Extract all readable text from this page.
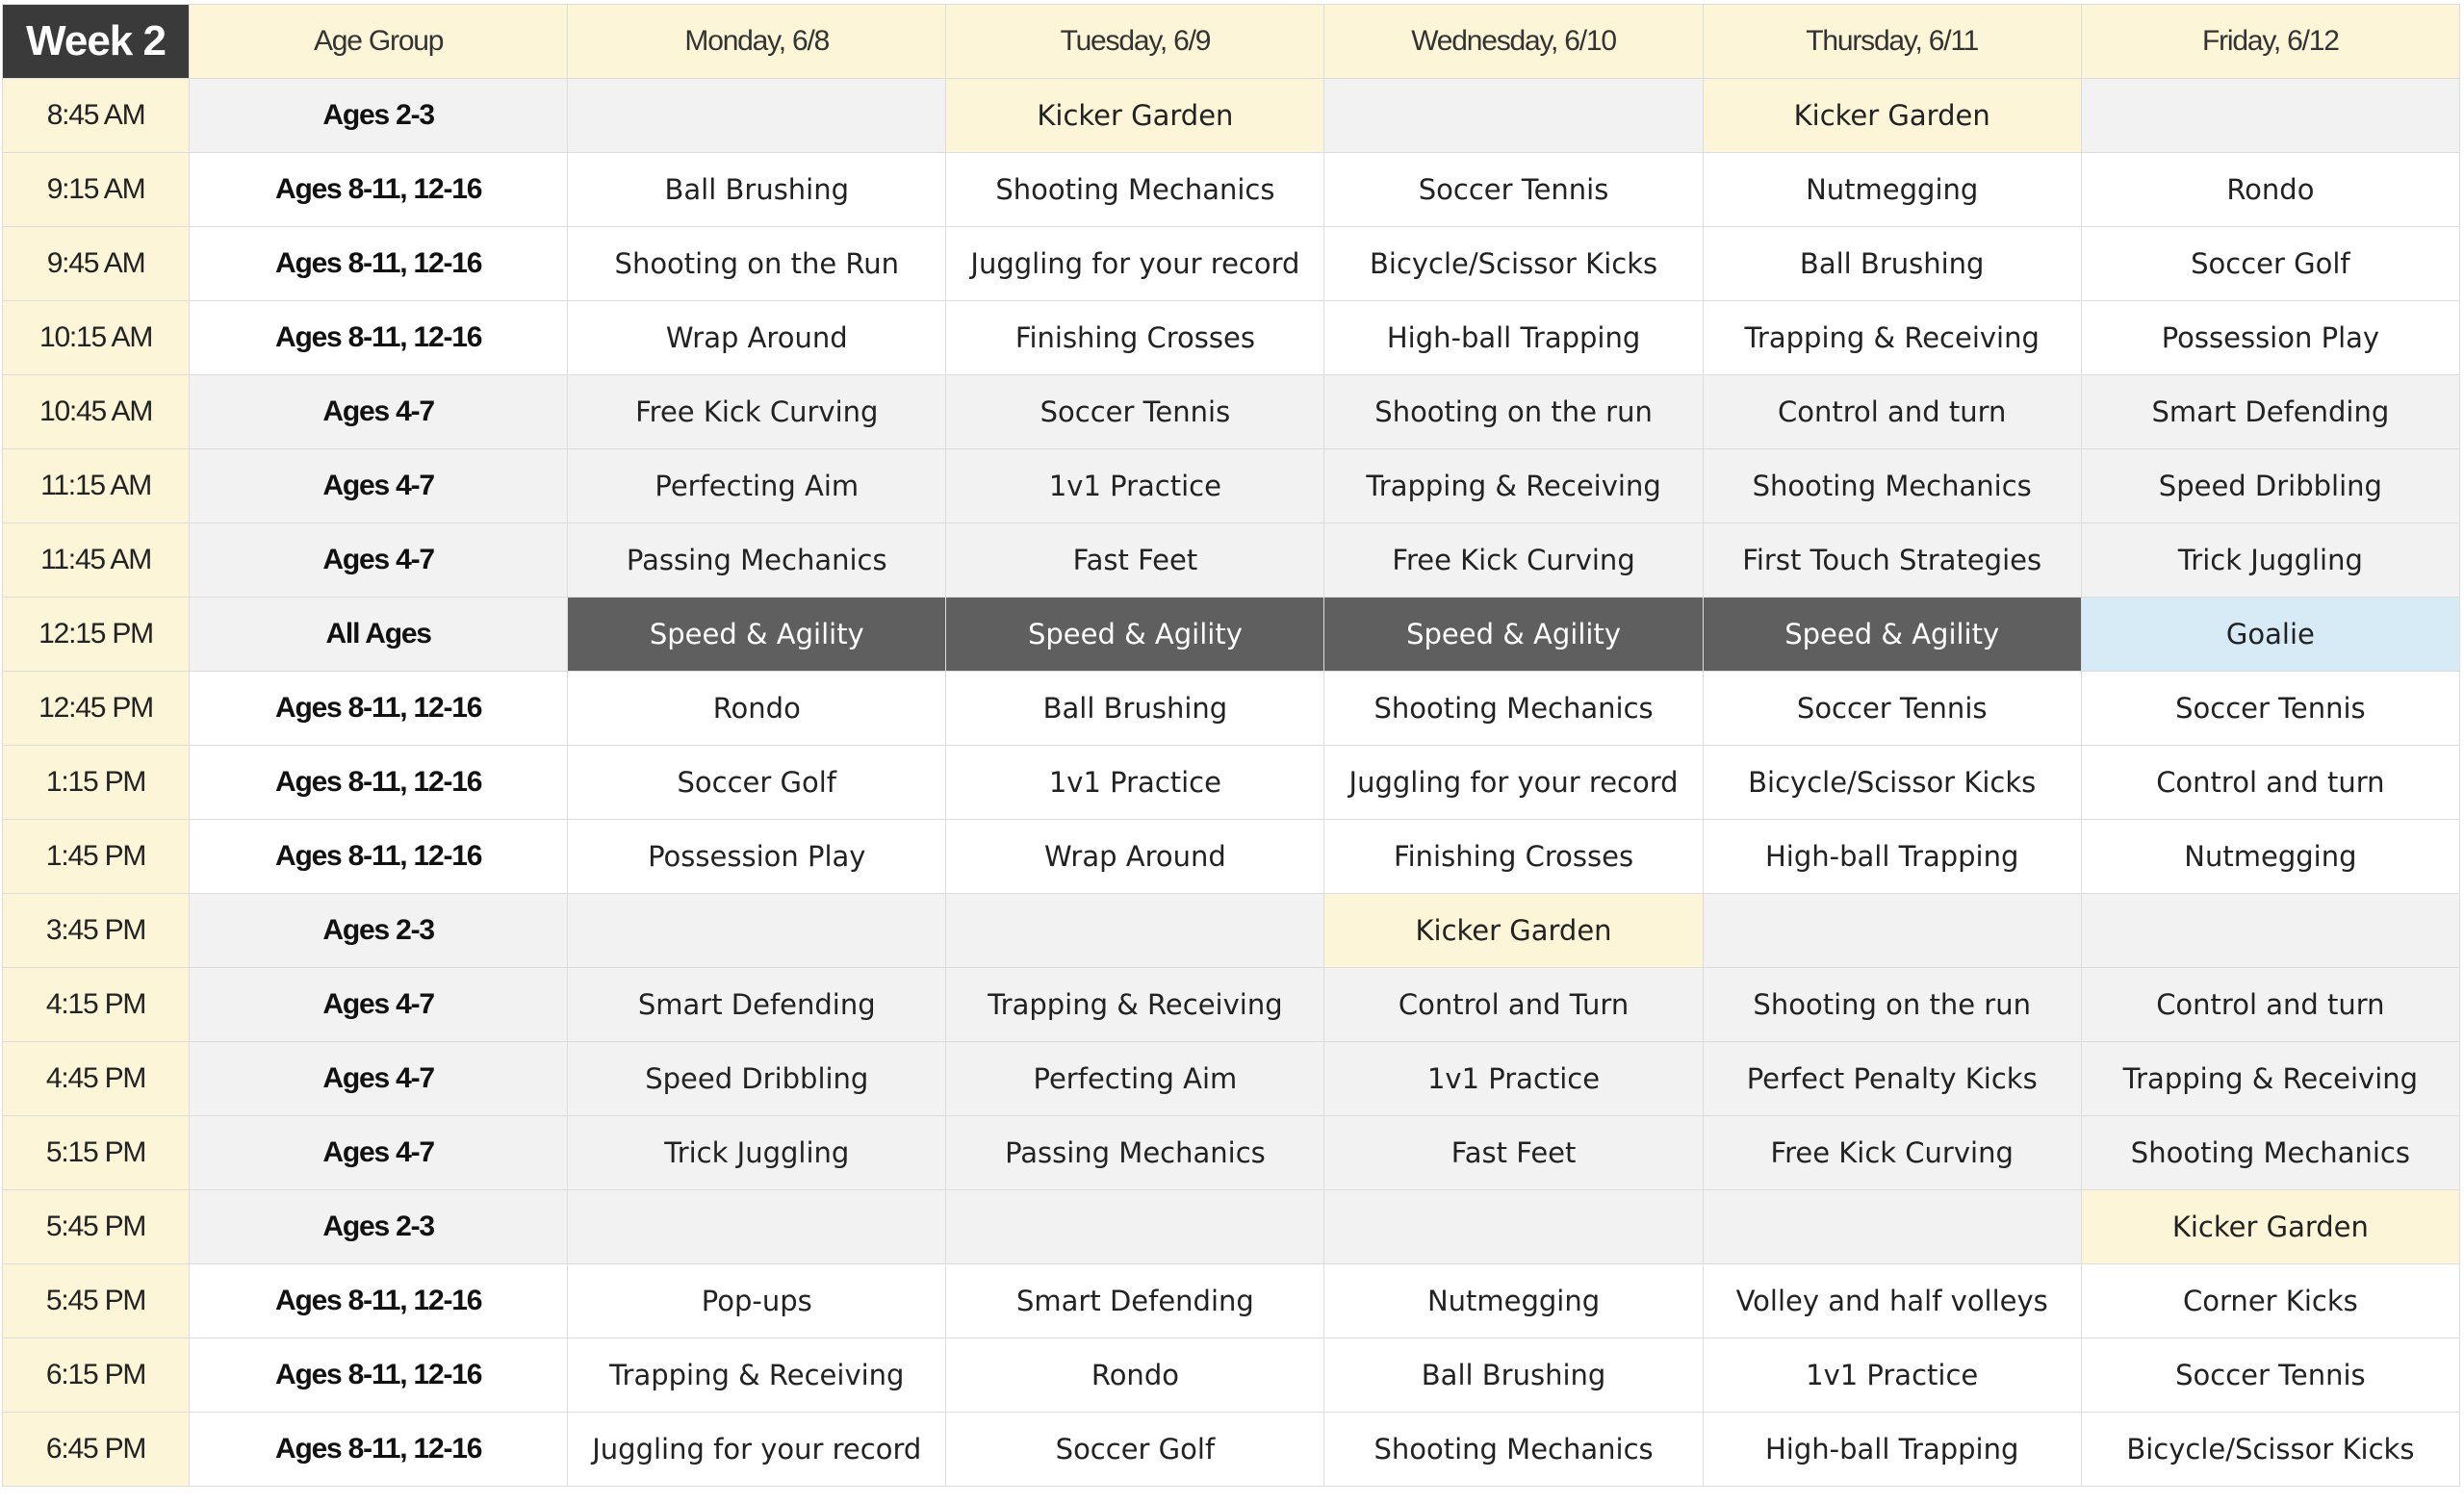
Week 2	Age Group	Monday, 6/8	Tuesday, 6/9	Wednesday, 6/10	Thursday, 6/11	Friday, 6/12
8:45 AM	Ages 2-3		Kicker Garden		Kicker Garden	
9:15 AM	Ages 8-11, 12-16	Ball Brushing	Shooting Mechanics	Soccer Tennis	Nutmegging	Rondo
9:45 AM	Ages 8-11, 12-16	Shooting on the Run	Juggling for your record	Bicycle/Scissor Kicks	Ball Brushing	Soccer Golf
10:15 AM	Ages 8-11, 12-16	Wrap Around	Finishing Crosses	High-ball Trapping	Trapping & Receiving	Possession Play
10:45 AM	Ages 4-7	Free Kick Curving	Soccer Tennis	Shooting on the run	Control and turn	Smart Defending
11:15 AM	Ages 4-7	Perfecting Aim	1v1 Practice	Trapping & Receiving	Shooting Mechanics	Speed Dribbling
11:45 AM	Ages 4-7	Passing Mechanics	Fast Feet	Free Kick Curving	First Touch Strategies	Trick Juggling
12:15 PM	All Ages	Speed & Agility	Speed & Agility	Speed & Agility	Speed & Agility	Goalie
12:45 PM	Ages 8-11, 12-16	Rondo	Ball Brushing	Shooting Mechanics	Soccer Tennis	Soccer Tennis
1:15 PM	Ages 8-11, 12-16	Soccer Golf	1v1 Practice	Juggling for your record	Bicycle/Scissor Kicks	Control and turn
1:45 PM	Ages 8-11, 12-16	Possession Play	Wrap Around	Finishing Crosses	High-ball Trapping	Nutmegging
3:45 PM	Ages 2-3			Kicker Garden		
4:15 PM	Ages 4-7	Smart Defending	Trapping & Receiving	Control and Turn	Shooting on the run	Control and turn
4:45 PM	Ages 4-7	Speed Dribbling	Perfecting Aim	1v1 Practice	Perfect Penalty Kicks	Trapping & Receiving
5:15 PM	Ages 4-7	Trick Juggling	Passing Mechanics	Fast Feet	Free Kick Curving	Shooting Mechanics
5:45 PM	Ages 2-3					Kicker Garden
5:45 PM	Ages 8-11, 12-16	Pop-ups	Smart Defending	Nutmegging	Volley and half volleys	Corner Kicks
6:15 PM	Ages 8-11, 12-16	Trapping & Receiving	Rondo	Ball Brushing	1v1 Practice	Soccer Tennis
6:45 PM	Ages 8-11, 12-16	Juggling for your record	Soccer Golf	Shooting Mechanics	High-ball Trapping	Bicycle/Scissor Kicks
